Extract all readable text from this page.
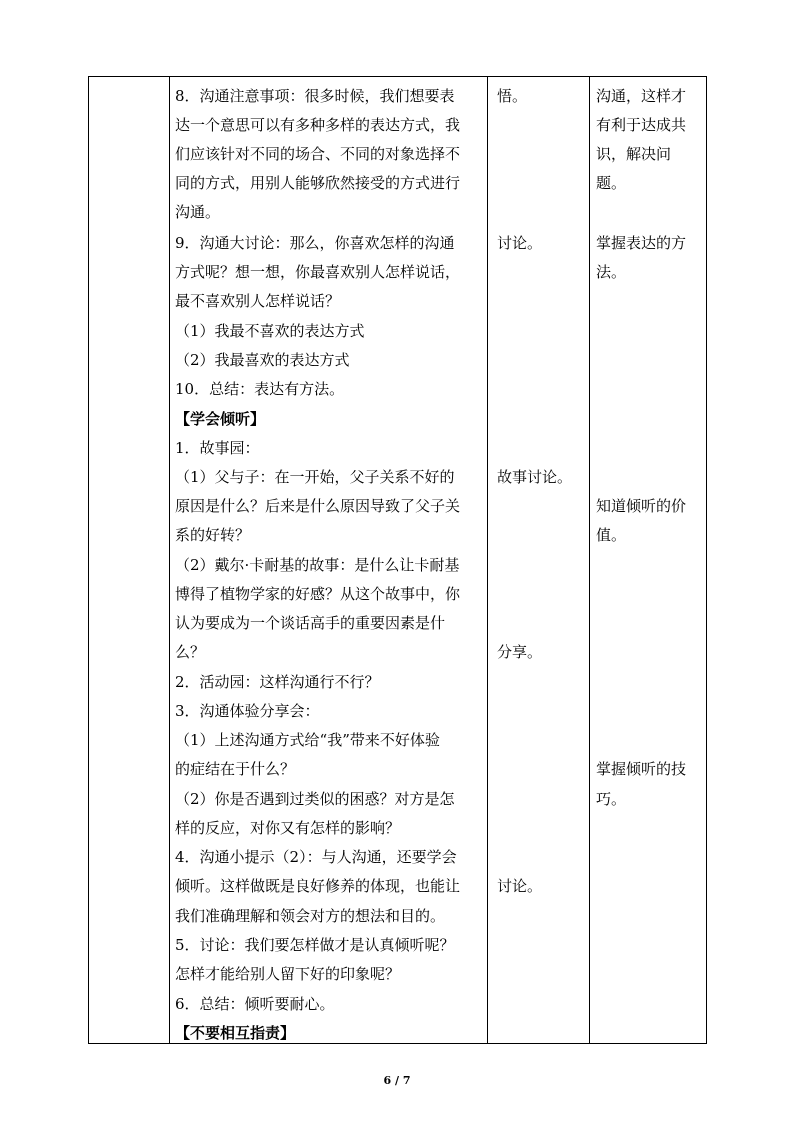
8．沟通注意事项：很多时候，我们想要表
达一个意思可以有多种多样的表达方式，我
们应该针对不同的场合、不同的对象选择不
同的方式，用别人能够欣然接受的方式进行
沟通。
9．沟通大讨论：那么，你喜欢怎样的沟通
方式呢？想一想，你最喜欢别人怎样说话，
最不喜欢别人怎样说话？
（1）我最不喜欢的表达方式
（2）我最喜欢的表达方式
10．总结：表达有方法。
【学会倾听】
1．故事园：
（1）父与子：在一开始，父子关系不好的
原因是什么？后来是什么原因导致了父子关
系的好转？
（2）戴尔·卡耐基的故事：是什么让卡耐基
博得了植物学家的好感？从这个故事中，你
认为要成为一个谈话高手的重要因素是什
么？
2．活动园：这样沟通行不行？
3．沟通体验分享会：
（1）上述沟通方式给“我”带来不好体验
的症结在于什么？
（2）你是否遇到过类似的困惑？对方是怎
样的反应，对你又有怎样的影响？
4．沟通小提示（2）：与人沟通，还要学会
倾听。这样做既是良好修养的体现，也能让
我们准确理解和领会对方的想法和目的。
5．讨论：我们要怎样做才是认真倾听呢？
怎样才能给别人留下好的印象呢？
6．总结：倾听要耐心。
【不要相互指责】
悟。
讨论。
故事讨论。
分享。
讨论。
沟通，这样才
有利于达成共
识，解决问
题。
掌握表达的方
法。
知道倾听的价
值。
掌握倾听的技
巧。
6 / 7
